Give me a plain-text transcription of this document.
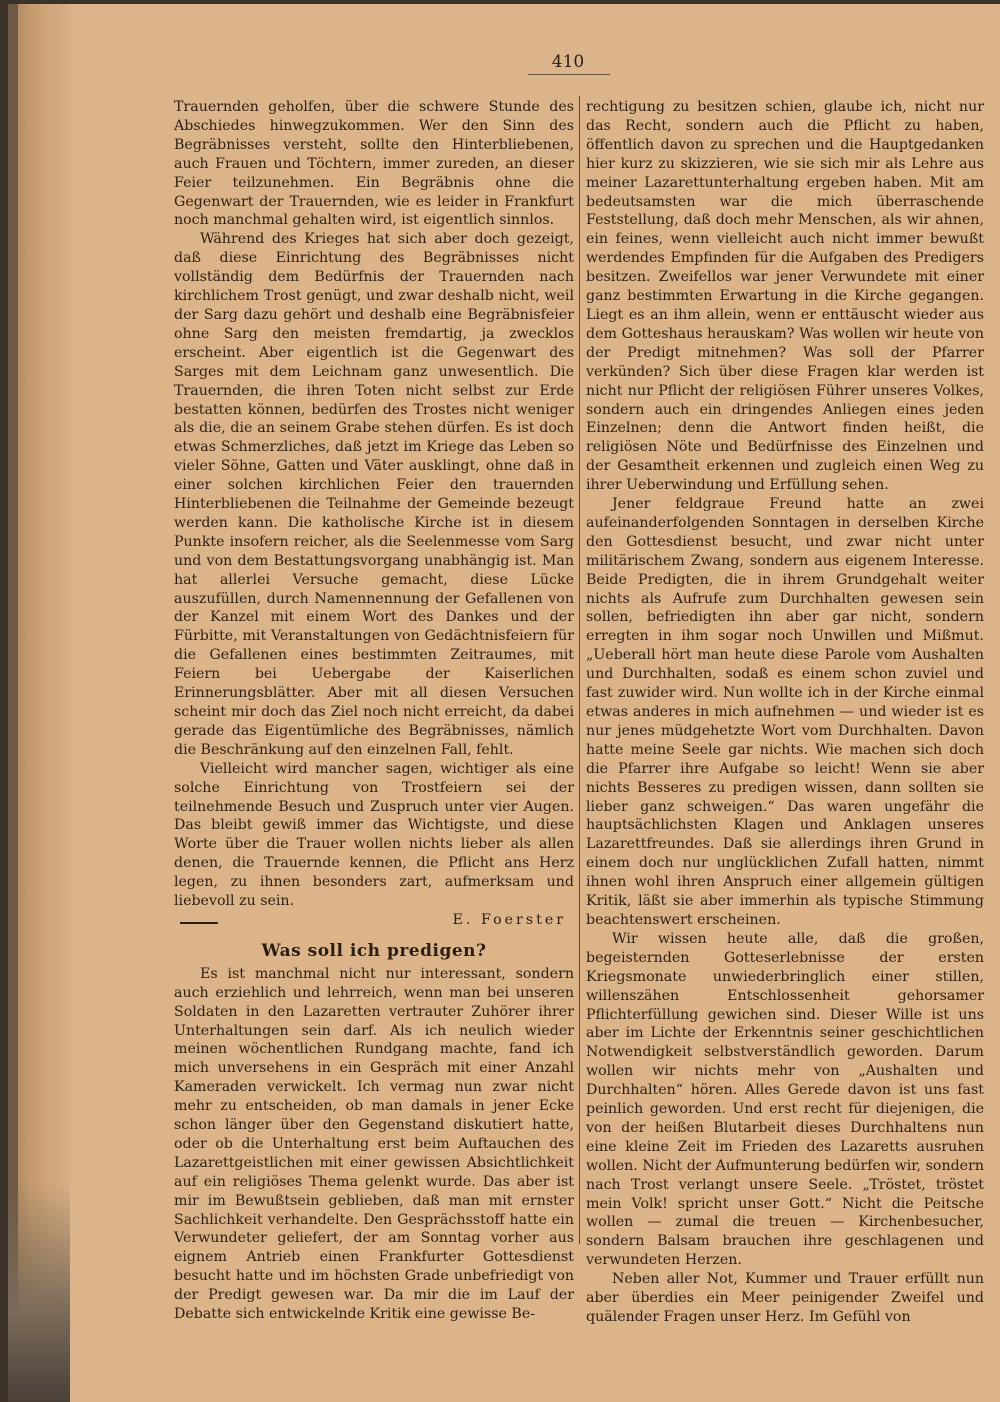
410

Trauernden geholfen, über die schwere Stunde des Abschiedes hinwegzukommen. Wer den Sinn des Begräbnisses versteht, sollte den Hinterbliebenen, auch Frauen und Töchtern, immer zureden, an dieser Feier teilzunehmen. Ein Begräbnis ohne die Gegenwart der Trauernden, wie es leider in Frankfurt noch manchmal gehalten wird, ist eigentlich sinnlos.

Während des Krieges hat sich aber doch gezeigt, daß diese Einrichtung des Begräbnisses nicht vollständig dem Bedürfnis der Trauernden nach kirchlichem Trost genügt, und zwar deshalb nicht, weil der Sarg dazu gehört und deshalb eine Begräbnisfeier ohne Sarg den meisten fremdartig, ja zwecklos erscheint. Aber eigentlich ist die Gegenwart des Sarges mit dem Leichnam ganz unwesentlich. Die Trauernden, die ihren Toten nicht selbst zur Erde bestatten können, bedürfen des Trostes nicht weniger als die, die an seinem Grabe stehen dürfen. Es ist doch etwas Schmerzliches, daß jetzt im Kriege das Leben so vieler Söhne, Gatten und Väter ausklingt, ohne daß in einer solchen kirchlichen Feier den trauernden Hinterbliebenen die Teilnahme der Gemeinde bezeugt werden kann. Die katholische Kirche ist in diesem Punkte insofern reicher, als die Seelenmesse vom Sarg und von dem Bestattungsvorgang unabhängig ist. Man hat allerlei Versuche gemacht, diese Lücke auszufüllen, durch Namennennung der Gefallenen von der Kanzel mit einem Wort des Dankes und der Fürbitte, mit Veranstaltungen von Gedächtnisfeiern für die Gefallenen eines bestimmten Zeitraumes, mit Feiern bei Uebergabe der Kaiserlichen Erinnerungsblätter. Aber mit all diesen Versuchen scheint mir doch das Ziel noch nicht erreicht, da dabei gerade das Eigentümliche des Begräbnisses, nämlich die Beschränkung auf den einzelnen Fall, fehlt.

Vielleicht wird mancher sagen, wichtiger als eine solche Einrichtung von Trostfeiern sei der teilnehmende Besuch und Zuspruch unter vier Augen. Das bleibt gewiß immer das Wichtigste, und diese Worte über die Trauer wollen nichts lieber als allen denen, die Trauernde kennen, die Pflicht ans Herz legen, zu ihnen besonders zart, aufmerksam und liebevoll zu sein.

E. Foerster
Was soll ich predigen?

Es ist manchmal nicht nur interessant, sondern auch erziehlich und lehrreich, wenn man bei unseren Soldaten in den Lazaretten vertrauter Zuhörer ihrer Unterhaltungen sein darf. Als ich neulich wieder meinen wöchentlichen Rundgang machte, fand ich mich unversehens in ein Gespräch mit einer Anzahl Kameraden verwickelt. Ich vermag nun zwar nicht mehr zu entscheiden, ob man damals in jener Ecke schon länger über den Gegenstand diskutiert hatte, oder ob die Unterhaltung erst beim Auftauchen des Lazarettgeistlichen mit einer gewissen Absichtlichkeit auf ein religiöses Thema gelenkt wurde. Das aber ist mir im Bewußtsein geblieben, daß man mit ernster Sachlichkeit verhandelte. Den Gesprächsstoff hatte ein Verwundeter geliefert, der am Sonntag vorher aus eignem Antrieb einen Frankfurter Gottesdienst besucht hatte und im höchsten Grade unbefriedigt von der Predigt gewesen war. Da mir die im Lauf der Debatte sich entwickelnde Kritik eine gewisse Be-

rechtigung zu besitzen schien, glaube ich, nicht nur das Recht, sondern auch die Pflicht zu haben, öffentlich davon zu sprechen und die Hauptgedanken hier kurz zu skizzieren, wie sie sich mir als Lehre aus meiner Lazarettunterhaltung ergeben haben. Mit am bedeutsamsten war die mich überraschende Feststellung, daß doch mehr Menschen, als wir ahnen, ein feines, wenn vielleicht auch nicht immer bewußt werdendes Empfinden für die Aufgaben des Predigers besitzen. Zweifellos war jener Verwundete mit einer ganz bestimmten Erwartung in die Kirche gegangen. Liegt es an ihm allein, wenn er enttäuscht wieder aus dem Gotteshaus herauskam? Was wollen wir heute von der Predigt mitnehmen? Was soll der Pfarrer verkünden? Sich über diese Fragen klar werden ist nicht nur Pflicht der religiösen Führer unseres Volkes, sondern auch ein dringendes Anliegen eines jeden Einzelnen; denn die Antwort finden heißt, die religiösen Nöte und Bedürfnisse des Einzelnen und der Gesamtheit erkennen und zugleich einen Weg zu ihrer Ueberwindung und Erfüllung sehen.

Jener feldgraue Freund hatte an zwei aufeinanderfolgenden Sonntagen in derselben Kirche den Gottesdienst besucht, und zwar nicht unter militärischem Zwang, sondern aus eigenem Interesse. Beide Predigten, die in ihrem Grundgehalt weiter nichts als Aufrufe zum Durchhalten gewesen sein sollen, befriedigten ihn aber gar nicht, sondern erregten in ihm sogar noch Unwillen und Mißmut. „Ueberall hört man heute diese Parole vom Aushalten und Durchhalten, sodaß es einem schon zuviel und fast zuwider wird. Nun wollte ich in der Kirche einmal etwas anderes in mich aufnehmen — und wieder ist es nur jenes müdgehetzte Wort vom Durchhalten. Davon hatte meine Seele gar nichts. Wie machen sich doch die Pfarrer ihre Aufgabe so leicht! Wenn sie aber nichts Besseres zu predigen wissen, dann sollten sie lieber ganz schweigen.“ Das waren ungefähr die hauptsächlichsten Klagen und Anklagen unseres Lazarettfreundes. Daß sie allerdings ihren Grund in einem doch nur unglücklichen Zufall hatten, nimmt ihnen wohl ihren Anspruch einer allgemein gültigen Kritik, läßt sie aber immerhin als typische Stimmung beachtenswert erscheinen.

Wir wissen heute alle, daß die großen, begeisternden Gotteserlebnisse der ersten Kriegsmonate unwiederbringlich einer stillen, willenszähen Entschlossenheit gehorsamer Pflichterfüllung gewichen sind. Dieser Wille ist uns aber im Lichte der Erkenntnis seiner geschichtlichen Notwendigkeit selbstverständlich geworden. Darum wollen wir nichts mehr von „Aushalten und Durchhalten“ hören. Alles Gerede davon ist uns fast peinlich geworden. Und erst recht für diejenigen, die von der heißen Blutarbeit dieses Durchhaltens nun eine kleine Zeit im Frieden des Lazaretts ausruhen wollen. Nicht der Aufmunterung bedürfen wir, sondern nach Trost verlangt unsere Seele. „Tröstet, tröstet mein Volk! spricht unser Gott.“ Nicht die Peitsche wollen — zumal die treuen — Kirchenbesucher, sondern Balsam brauchen ihre geschlagenen und verwundeten Herzen.

Neben aller Not, Kummer und Trauer erfüllt nun aber überdies ein Meer peinigender Zweifel und quälender Fragen unser Herz. Im Gefühl von
